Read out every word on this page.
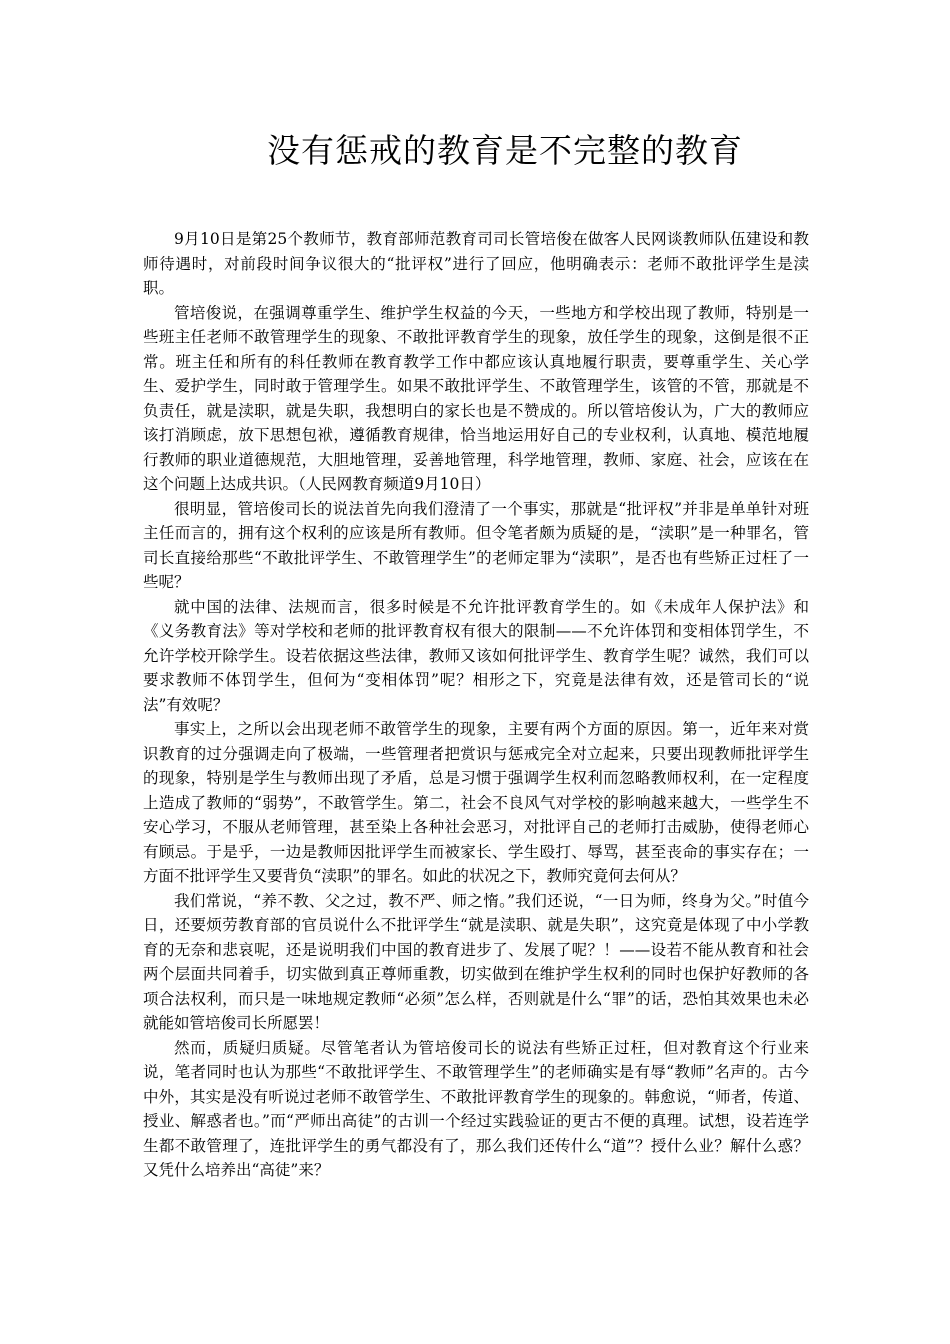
没有惩戒的教育是不完整的教育

9月10日是第25个教师节，教育部师范教育司司长管培俊在做客人民网谈教师队伍建设和教师待遇时，对前段时间争议很大的“批评权”进行了回应，他明确表示：老师不敢批评学生是渎职。

管培俊说，在强调尊重学生、维护学生权益的今天，一些地方和学校出现了教师，特别是一些班主任老师不敢管理学生的现象、不敢批评教育学生的现象，放任学生的现象，这倒是很不正常。班主任和所有的科任教师在教育教学工作中都应该认真地履行职责，要尊重学生、关心学生、爱护学生，同时敢于管理学生。如果不敢批评学生、不敢管理学生，该管的不管，那就是不负责任，就是渎职，就是失职，我想明白的家长也是不赞成的。所以管培俊认为，广大的教师应该打消顾虑，放下思想包袱，遵循教育规律，恰当地运用好自己的专业权利，认真地、模范地履行教师的职业道德规范，大胆地管理，妥善地管理，科学地管理，教师、家庭、社会，应该在在这个问题上达成共识。（人民网教育频道9月10日）

很明显，管培俊司长的说法首先向我们澄清了一个事实，那就是“批评权”并非是单单针对班主任而言的，拥有这个权利的应该是所有教师。但令笔者颇为质疑的是，“渎职”是一种罪名，管司长直接给那些“不敢批评学生、不敢管理学生”的老师定罪为“渎职”，是否也有些矫正过枉了一些呢？

就中国的法律、法规而言，很多时候是不允许批评教育学生的。如《未成年人保护法》和《义务教育法》等对学校和老师的批评教育权有很大的限制——不允许体罚和变相体罚学生，不允许学校开除学生。设若依据这些法律，教师又该如何批评学生、教育学生呢？诚然，我们可以要求教师不体罚学生，但何为“变相体罚”呢？相形之下，究竟是法律有效，还是管司长的“说法”有效呢？

事实上，之所以会出现老师不敢管学生的现象，主要有两个方面的原因。第一，近年来对赏识教育的过分强调走向了极端，一些管理者把赏识与惩戒完全对立起来，只要出现教师批评学生的现象，特别是学生与教师出现了矛盾，总是习惯于强调学生权利而忽略教师权利，在一定程度上造成了教师的“弱势”，不敢管学生。第二，社会不良风气对学校的影响越来越大，一些学生不安心学习，不服从老师管理，甚至染上各种社会恶习，对批评自己的老师打击威胁，使得老师心有顾忌。于是乎，一边是教师因批评学生而被家长、学生殴打、辱骂，甚至丧命的事实存在；一方面不批评学生又要背负“渎职”的罪名。如此的状况之下，教师究竟何去何从？

我们常说，“养不教、父之过，教不严、师之惰。”我们还说，“一日为师，终身为父。”时值今日，还要烦劳教育部的官员说什么不批评学生“就是渎职、就是失职”，这究竟是体现了中小学教育的无奈和悲哀呢，还是说明我们中国的教育进步了、发展了呢？！——设若不能从教育和社会两个层面共同着手，切实做到真正尊师重教，切实做到在维护学生权利的同时也保护好教师的各项合法权利，而只是一味地规定教师“必须”怎么样，否则就是什么“罪”的话，恐怕其效果也未必就能如管培俊司长所愿罢！

然而，质疑归质疑。尽管笔者认为管培俊司长的说法有些矫正过枉，但对教育这个行业来说，笔者同时也认为那些“不敢批评学生、不敢管理学生”的老师确实是有辱“教师”名声的。古今中外，其实是没有听说过老师不敢管学生、不敢批评教育学生的现象的。韩愈说，“师者，传道、授业、解惑者也。”而“严师出高徒”的古训一个经过实践验证的更古不便的真理。试想，设若连学生都不敢管理了，连批评学生的勇气都没有了，那么我们还传什么“道”？授什么业？解什么惑？又凭什么培养出“高徒”来？
